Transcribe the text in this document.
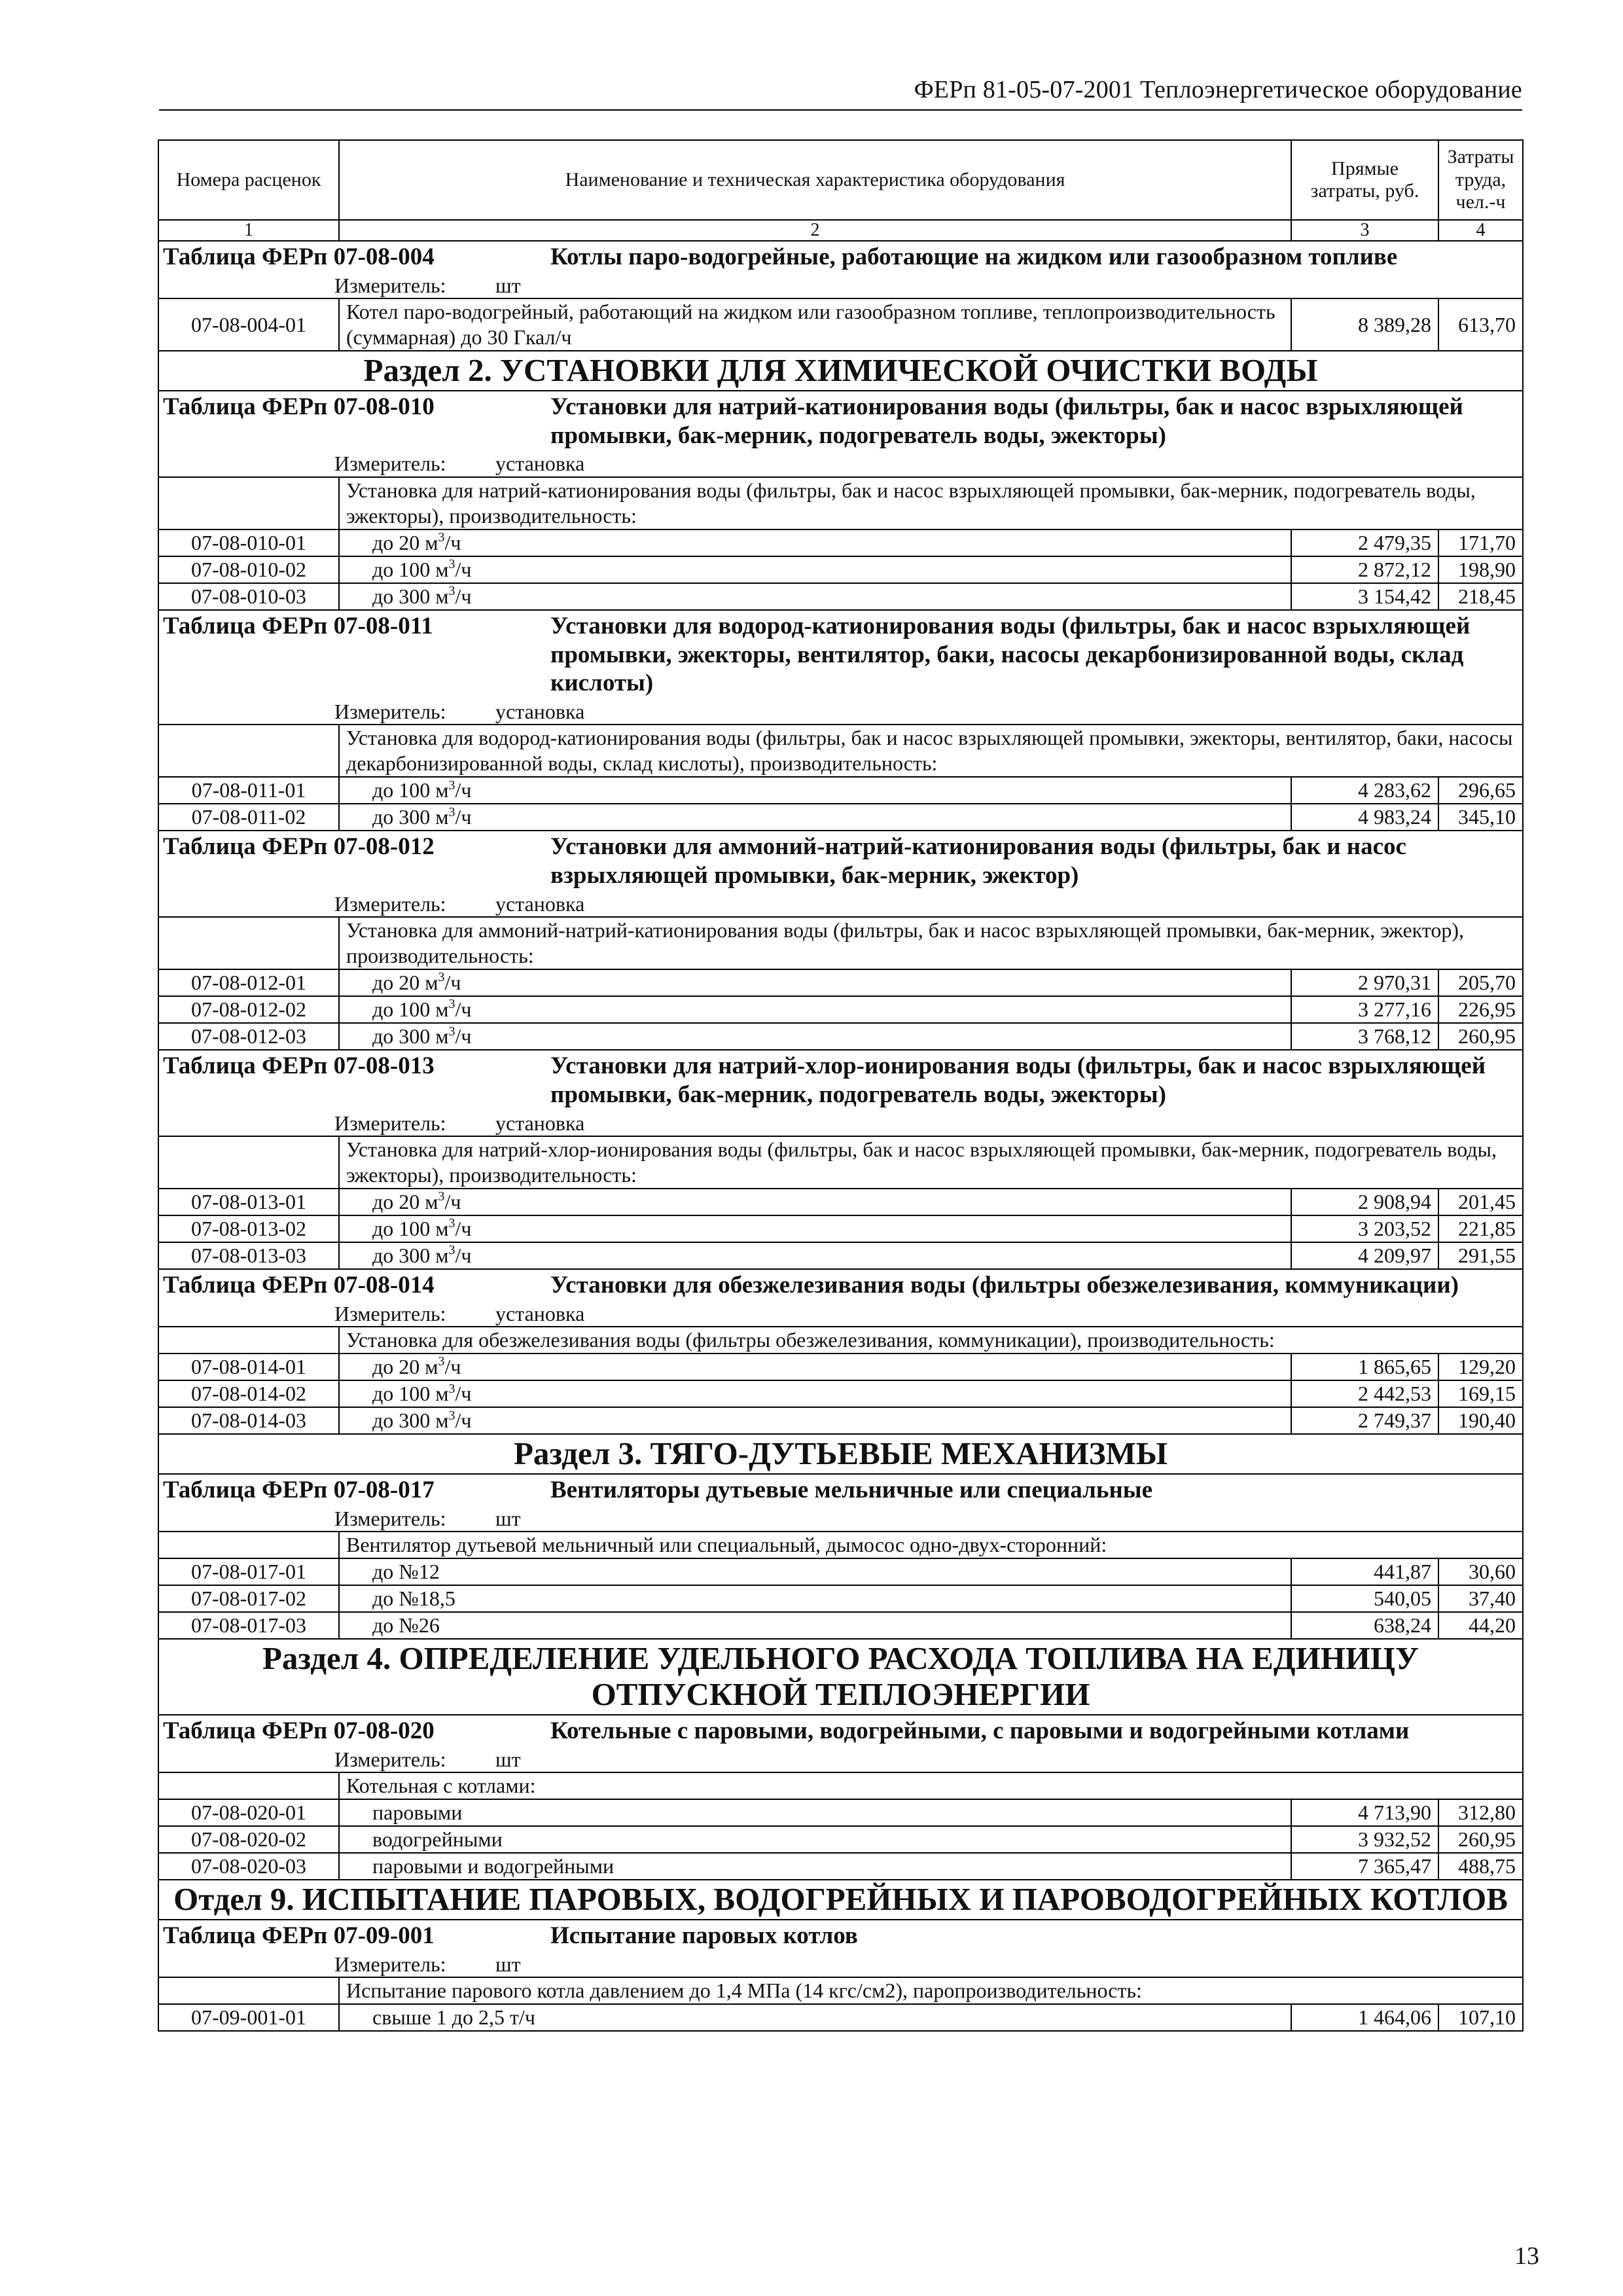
ФЕРп 81-05-07-2001 Теплоэнергетическое оборудование
Номера расценок	Наименование и техническая характеристика оборудования	Прямые затраты, руб.	Затраты труда, чел.-ч
1	2	3	4

Таблица ФЕРп 07-08-004 Котлы паро-водогрейные, работающие на жидком или газообразном топливе			

Измеритель: шт			

07-08-004-01	Котел паро-водогрейный, работающий на жидком или газообразном топливе, теплопроизводительность (суммарная) до 30 Гкал/ч	8 389,28	613,70
Раздел 2. УСТАНОВКИ ДЛЯ ХИМИЧЕСКОЙ ОЧИСТКИ ВОДЫ			

Таблица ФЕРп 07-08-010 Установки для натрий-катионирования воды (фильтры, бак и насос взрыхляющей промывки, бак-мерник, подогреватель воды, эжекторы)			

Измеритель: установка			

	Установка для натрий-катионирования воды (фильтры, бак и насос взрыхляющей промывки, бак-мерник, подогреватель воды, эжекторы), производительность:		
07-08-010-01	до 20 $м^3/ч$	2 479,35	171,70
07-08-010-02	до 100 $м^3/ч$	2 872,12	198,90
07-08-010-03	до 300 $м^3/ч$	3 154,42	218,45

Таблица ФЕРп 07-08-011 Установки для водород-катионирования воды (фильтры, бак и насос взрыхляющей промывки, эжекторы, вентилятор, баки, насосы декарбонизированной воды, склад кислоты)			

Измеритель: установка			

	Установка для водород-катионирования воды (фильтры, бак и насос взрыхляющей промывки, эжекторы, вентилятор, баки, насосы декарбонизированной воды, склад кислоты), производительность:		
07-08-011-01	до 100 $м^3/ч$	4 283,62	296,65
07-08-011-02	до 300 $м^3/ч$	4 983,24	345,10

Таблица ФЕРп 07-08-012 Установки для аммоний-натрий-катионирования воды (фильтры, бак и насос взрыхляющей промывки, бак-мерник, эжектор)			

Измеритель: установка			

	Установка для аммоний-натрий-катионирования воды (фильтры, бак и насос взрыхляющей промывки, бак-мерник, эжектор), производительность:		
07-08-012-01	до 20 $м^3/ч$	2 970,31	205,70
07-08-012-02	до 100 $м^3/ч$	3 277,16	226,95
07-08-012-03	до 300 $м^3/ч$	3 768,12	260,95

Таблица ФЕРп 07-08-013 Установки для натрий-хлор-ионирования воды (фильтры, бак и насос взрыхляющей промывки, бак-мерник, подогреватель воды, эжекторы)			

Измеритель: установка			

	Установка для натрий-хлор-ионирования воды (фильтры, бак и насос взрыхляющей промывки, бак-мерник, подогреватель воды, эжекторы), производительность:		
07-08-013-01	до 20 $м^3/ч$	2 908,94	201,45
07-08-013-02	до 100 $м^3/ч$	3 203,52	221,85
07-08-013-03	до 300 $м^3/ч$	4 209,97	291,55

Таблица ФЕРп 07-08-014 Установки для обезжелезивания воды (фильтры обезжелезивания, коммуникации)			

Измеритель: установка			

	Установка для обезжелезивания воды (фильтры обезжелезивания, коммуникации), производительность:		
07-08-014-01	до 20 $м^3/ч$	1 865,65	129,20
07-08-014-02	до 100 $м^3/ч$	2 442,53	169,15
07-08-014-03	до 300 $м^3/ч$	2 749,37	190,40
Раздел 3. ТЯГО-ДУТЬЕВЫЕ МЕХАНИЗМЫ			

Таблица ФЕРп 07-08-017 Вентиляторы дутьевые мельничные или специальные			

Измеритель: шт			

	Вентилятор дутьевой мельничный или специальный, дымосос одно-двух-сторонний:		
07-08-017-01	до №12	441,87	30,60
07-08-017-02	до №18,5	540,05	37,40
07-08-017-03	до №26	638,24	44,20
Раздел 4. ОПРЕДЕЛЕНИЕ УДЕЛЬНОГО РАСХОДА ТОПЛИВА НА ЕДИНИЦУ ОТПУСКНОЙ ТЕПЛОЭНЕРГИИ			

Таблица ФЕРп 07-08-020 Котельные с паровыми, водогрейными, с паровыми и водогрейными котлами			

Измеритель: шт			

	Котельная с котлами:		
07-08-020-01	паровыми	4 713,90	312,80
07-08-020-02	водогрейными	3 932,52	260,95
07-08-020-03	паровыми и водогрейными	7 365,47	488,75
Отдел 9. ИСПЫТАНИЕ ПАРОВЫХ, ВОДОГРЕЙНЫХ И ПАРОВОДОГРЕЙНЫХ КОТЛОВ			

Таблица ФЕРп 07-09-001 Испытание паровых котлов			

Измеритель: шт			

	Испытание парового котла давлением до 1,4 МПа (14 кгс/см2), паропроизводительность:		
07-09-001-01	свыше 1 до 2,5 т/ч	1 464,06	107,10
13
